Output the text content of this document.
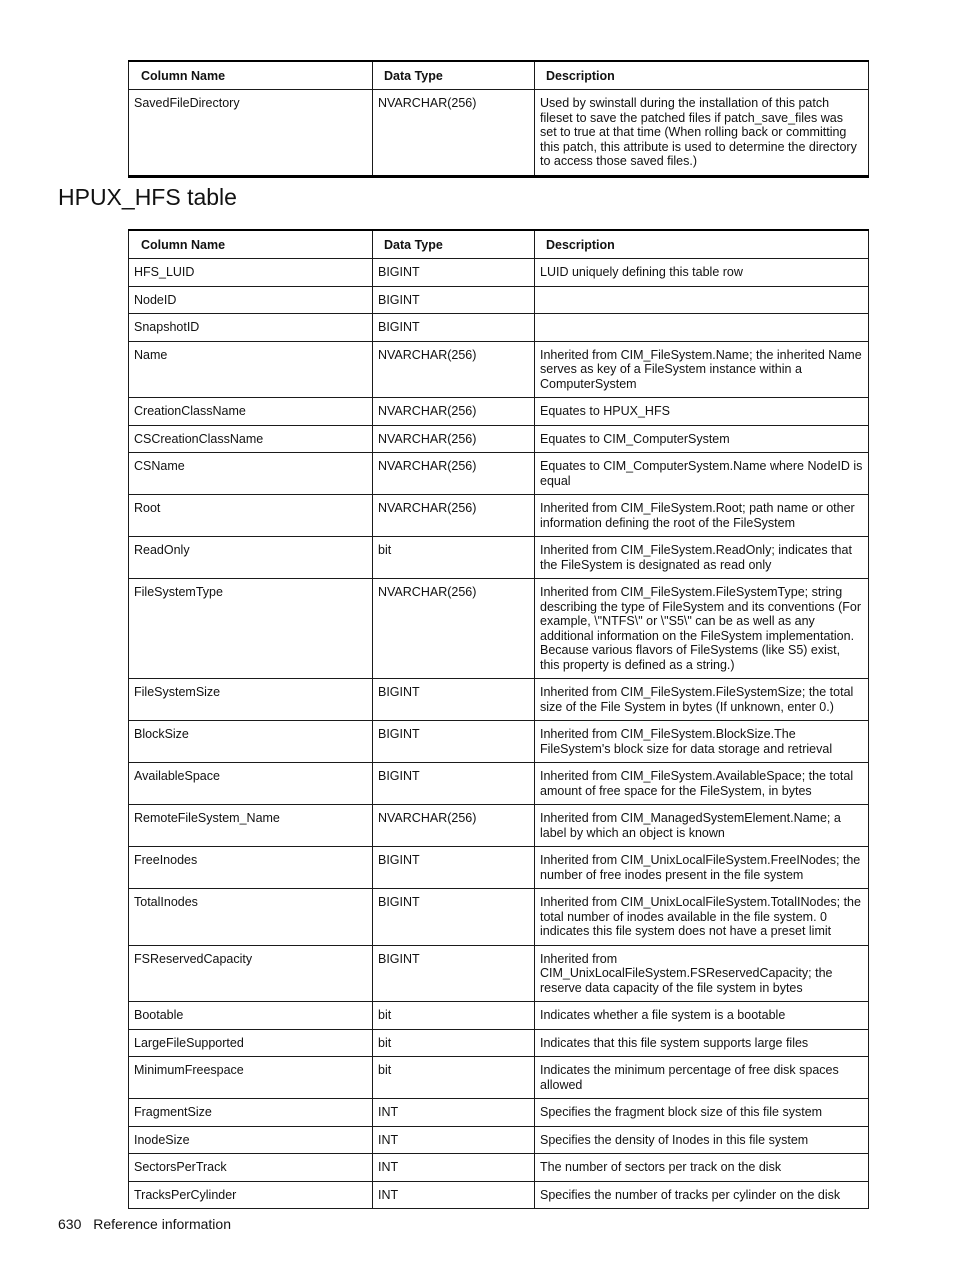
Column Name	Data Type	Description
SavedFileDirectory	NVARCHAR(256)	Used by swinstall during the installation of this patch fileset to save the patched files if patch_save_files was set to true at that time (When rolling back or committing this patch, this attribute is used to determine the directory to access those saved files.)
HPUX_HFS table
Column Name	Data Type	Description
HFS_LUID	BIGINT	LUID uniquely defining this table row
NodeID	BIGINT	
SnapshotID	BIGINT	
Name	NVARCHAR(256)	Inherited from CIM_FileSystem.Name; the inherited Name serves as key of a FileSystem instance within a ComputerSystem
CreationClassName	NVARCHAR(256)	Equates to HPUX_HFS
CSCreationClassName	NVARCHAR(256)	Equates to CIM_ComputerSystem
CSName	NVARCHAR(256)	Equates to CIM_ComputerSystem.Name where NodeID is equal
Root	NVARCHAR(256)	Inherited from CIM_FileSystem.Root; path name or other information defining the root of the FileSystem
ReadOnly	bit	Inherited from CIM_FileSystem.ReadOnly; indicates that the FileSystem is designated as read only
FileSystemType	NVARCHAR(256)	Inherited from CIM_FileSystem.FileSystemType; string describing the type of FileSystem and its conventions (For example, \"NTFS\" or \"S5\" can be as well as any additional information on the FileSystem implementation. Because various flavors of FileSystems (like S5) exist, this property is defined as a string.)
FileSystemSize	BIGINT	Inherited from CIM_FileSystem.FileSystemSize; the total size of the File System in bytes (If unknown, enter 0.)
BlockSize	BIGINT	Inherited from CIM_FileSystem.BlockSize.The FileSystem's block size for data storage and retrieval
AvailableSpace	BIGINT	Inherited from CIM_FileSystem.AvailableSpace; the total amount of free space for the FileSystem, in bytes
RemoteFileSystem_Name	NVARCHAR(256)	Inherited from CIM_ManagedSystemElement.Name; a label by which an object is known
FreeInodes	BIGINT	Inherited from CIM_UnixLocalFileSystem.FreeINodes; the number of free inodes present in the file system
TotalInodes	BIGINT	Inherited from CIM_UnixLocalFileSystem.TotalINodes; the total number of inodes available in the file system. 0 indicates this file system does not have a preset limit
FSReservedCapacity	BIGINT	Inherited from CIM_UnixLocalFileSystem.FSReservedCapacity; the reserve data capacity of the file system in bytes
Bootable	bit	Indicates whether a file system is a bootable
LargeFileSupported	bit	Indicates that this file system supports large files
MinimumFreespace	bit	Indicates the minimum percentage of free disk spaces allowed
FragmentSize	INT	Specifies the fragment block size of this file system
InodeSize	INT	Specifies the density of Inodes in this file system
SectorsPerTrack	INT	The number of sectors per track on the disk
TracksPerCylinder	INT	Specifies the number of tracks per cylinder on the disk
630 Reference information
